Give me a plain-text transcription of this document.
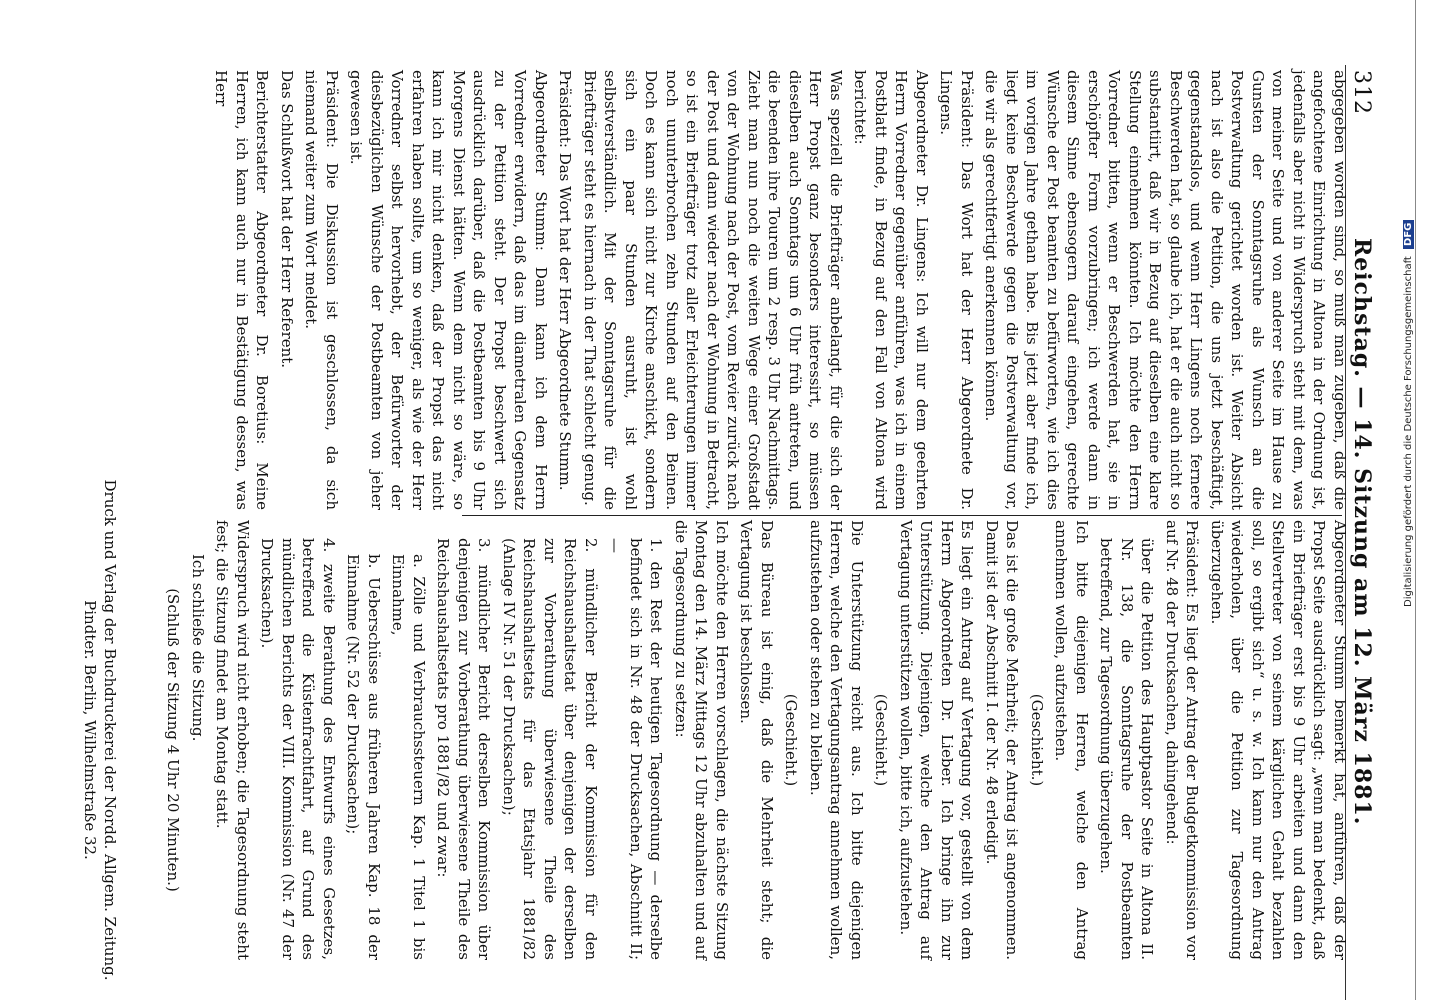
312 Reichstag. — 14. Sitzung am 12. März 1881.

abgegeben worden sind, so muß man zugeben, daß die angefochtene Einrichtung in Altona in der Ordnung ist, jedenfalls aber nicht in Widerspruch steht mit dem, was von meiner Seite und von anderer Seite im Hause zu Gunsten der Sonntagsruhe als Wunsch an die Postverwaltung gerichtet worden ist. Weiter Absicht nach ist also die Petition, die uns jetzt beschäftigt, gegenstandslos, und wenn Herr Lingens noch fernere Beschwerden hat, so glaube ich, hat er die auch nicht so substantiirt, daß wir in Bezug auf dieselben eine klare Stellung einnehmen könnten. Ich möchte den Herrn Vorredner bitten, wenn er Beschwerden hat, sie in erschöpfter Form vorzubringen; ich werde dann in diesem Sinne ebensogern darauf eingehen, gerechte Wünsche der Post beamten zu befürworten, wie ich dies im vorigen Jahre gethan habe. Bis jetzt aber finde ich, liegt keine Beschwerde gegen die Postverwaltung vor, die wir als gerechtfertigt anerkennen können.

Präsident: Das Wort hat der Herr Abgeordnete Dr. Lingens.

Abgeordneter Dr. Lingens: Ich will nur dem geehrten Herrn Vorredner gegenüber anführen, was ich in einem Postblatt finde, in Bezug auf den Fall von Altona wird berichtet:

Was speziell die Briefträger anbelangt, für die sich der Herr Propst ganz besonders interessirt, so müssen dieselben auch Sonntags um 6 Uhr früh antreten, und die beenden ihre Touren um 2 resp. 3 Uhr Nachmittags. Zieht man nun noch die weiten Wege einer Großstadt von der Wohnung nach der Post, vom Revier zurück nach der Post und dann wieder nach der Wohnung in Betracht, so ist ein Briefträger trotz aller Erleichterungen immer noch ununterbrochen zehn Stunden auf den Beinen. Doch es kann sich nicht zur Kirche anschickt, sondern sich ein paar Stunden ausruht, ist wohl selbstverständlich. Mit der Sonntagsruhe für die Briefträger steht es hiernach in der That schlecht genug.

Präsident: Das Wort hat der Herr Abgeordnete Stumm.

Abgeordneter Stumm: Dann kann ich dem Herrn Vorredner erwidern, daß das im diametralen Gegensatz zu der Petition steht. Der Propst beschwert sich ausdrücklich darüber, daß die Postbeamten bis 9 Uhr Morgens Dienst hätten. Wenn dem nicht so wäre, so kann ich mir nicht denken, daß der Propst das nicht erfahren haben sollte, um so weniger, als wie der Herr Vorredner selbst hervorhebt, der Befürworter der diesbezüglichen Wünsche der Postbeamten von jeher gewesen ist.

Präsident: Die Diskussion ist geschlossen, da sich niemand weiter zum Wort meldet.

Das Schlußwort hat der Herr Referent.

Berichterstatter Abgeordneter Dr. Boretius: Meine Herren, ich kann auch nur in Bestätigung dessen, was Herr

Abgeordneter Stumm bemerkt hat, anführen, daß der Propst Seite ausdrücklich sagt: „wenn man bedenkt, daß ein Briefträger erst bis 9 Uhr arbeiten und dann den Stellvertreter von seinem kärglichen Gehalt bezahlen soll, so ergibt sich“ u. s. w. Ich kann nur den Antrag wiederholen, über die Petition zur Tagesordnung überzugehen.

Präsident: Es liegt der Antrag der Budgetkommission vor auf Nr. 48 der Drucksachen, dahingehend:

über die Petition des Hauptpastor Seite in Altona II. Nr. 138, die Sonntagsruhe der Postbeamten betreffend, zur Tagesordnung überzugehen.

Ich bitte diejenigen Herren, welche den Antrag annehmen wollen, aufzustehen.

(Geschieht.)

Das ist die große Mehrheit; der Antrag ist angenommen. Damit ist der Abschnitt I. der Nr. 48 erledigt.

Es liegt ein Antrag auf Vertagung vor, gestellt von dem Herrn Abgeordneten Dr. Lieber. Ich bringe ihn zur Unterstützung. Diejenigen, welche den Antrag auf Vertagung unterstützen wollen, bitte ich, aufzustehen.

(Geschieht.)

Die Unterstützung reicht aus. Ich bitte diejenigen Herren, welche den Vertagungsantrag annehmen wollen, aufzustehen oder stehen zu bleiben.

(Geschieht.)

Das Büreau ist einig, daß die Mehrheit steht; die Vertagung ist beschlossen.

Ich möchte den Herren vorschlagen, die nächste Sitzung Montag den 14. März Mittags 12 Uhr abzuhalten und auf die Tagesordnung zu setzen:

1. den Rest der heutigen Tagesordnung — derselbe befindet sich in Nr. 48 der Drucksachen, Abschnitt II; —

2. mündlicher Bericht der Kommission für den Reichshaushaltsetat über denjenigen der derselben zur Vorberathung überwiesene Theile des Reichshaushaltsetats für das Etatsjahr 1881/82 (Anlage IV Nr. 51 der Drucksachen);

3. mündlicher Bericht derselben Kommission über denjenigen zur Vorberathung überwiesene Theile des Reichshaushaltsetats pro 1881/82 und zwar:

a. Zölle und Verbrauchssteuern Kap. 1 Titel 1 bis Einnahme,

b. Ueberschüsse aus früheren Jahren Kap. 18 der Einnahme (Nr. 52 der Drucksachen);

4. zweite Berathung des Entwurfs eines Gesetzes, betreffend die Küstenfrachtfahrt, auf Grund des mündlichen Berichts der VIII. Kommission (Nr. 47 der Drucksachen).

Widerspruch wird nicht erhoben; die Tagesordnung steht fest; die Sitzung findet am Montag statt.

Ich schließe die Sitzung.

(Schluß der Sitzung 4 Uhr 20 Minuten.)

Druck und Verlag der Buchdruckerei der Nordd. Allgem. Zeitung. Pindter. Berlin, Wilhelmstraße 32.
Digitalisierung gefördert durch die Deutsche Forschungsgemeinschaft DFG
